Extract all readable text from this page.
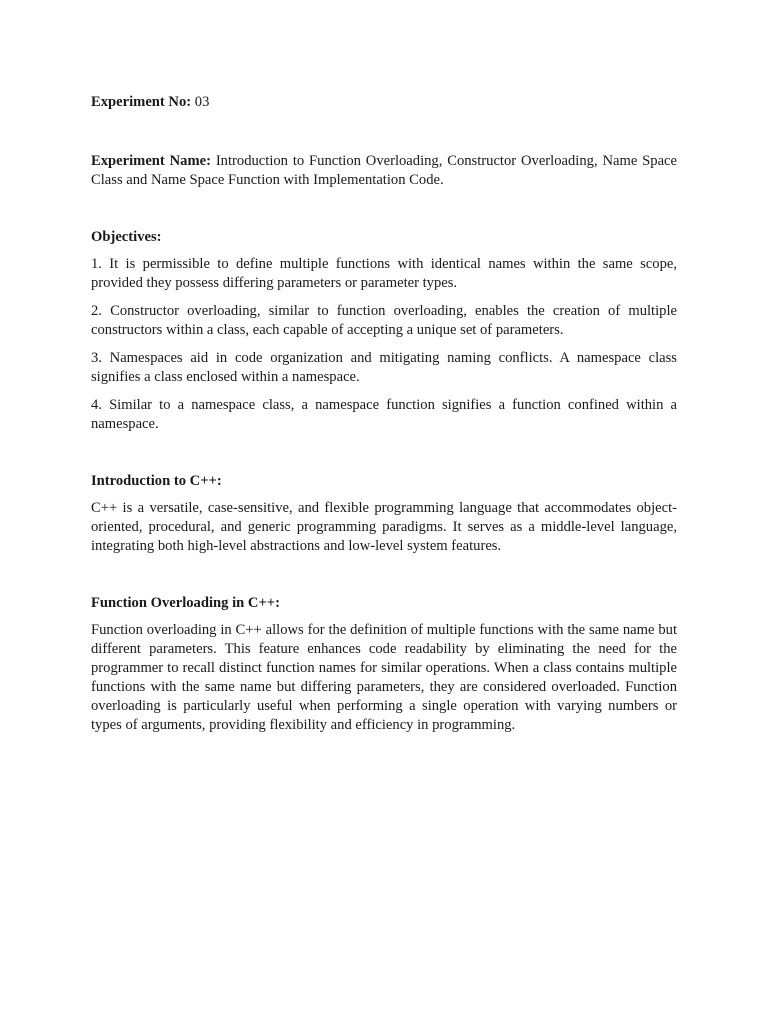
Experiment No: 03

Experiment Name: Introduction to Function Overloading, Constructor Overloading, Name Space Class and Name Space Function with Implementation Code.

Objectives:

1. It is permissible to define multiple functions with identical names within the same scope, provided they possess differing parameters or parameter types.

2. Constructor overloading, similar to function overloading, enables the creation of multiple constructors within a class, each capable of accepting a unique set of parameters.

3. Namespaces aid in code organization and mitigating naming conflicts. A namespace class signifies a class enclosed within a namespace.

4. Similar to a namespace class, a namespace function signifies a function confined within a namespace.

Introduction to C++:

C++ is a versatile, case-sensitive, and flexible programming language that accommodates object-oriented, procedural, and generic programming paradigms. It serves as a middle-level language, integrating both high-level abstractions and low-level system features.

Function Overloading in C++:

Function overloading in C++ allows for the definition of multiple functions with the same name but different parameters. This feature enhances code readability by eliminating the need for the programmer to recall distinct function names for similar operations. When a class contains multiple functions with the same name but differing parameters, they are considered overloaded. Function overloading is particularly useful when performing a single operation with varying numbers or types of arguments, providing flexibility and efficiency in programming.
